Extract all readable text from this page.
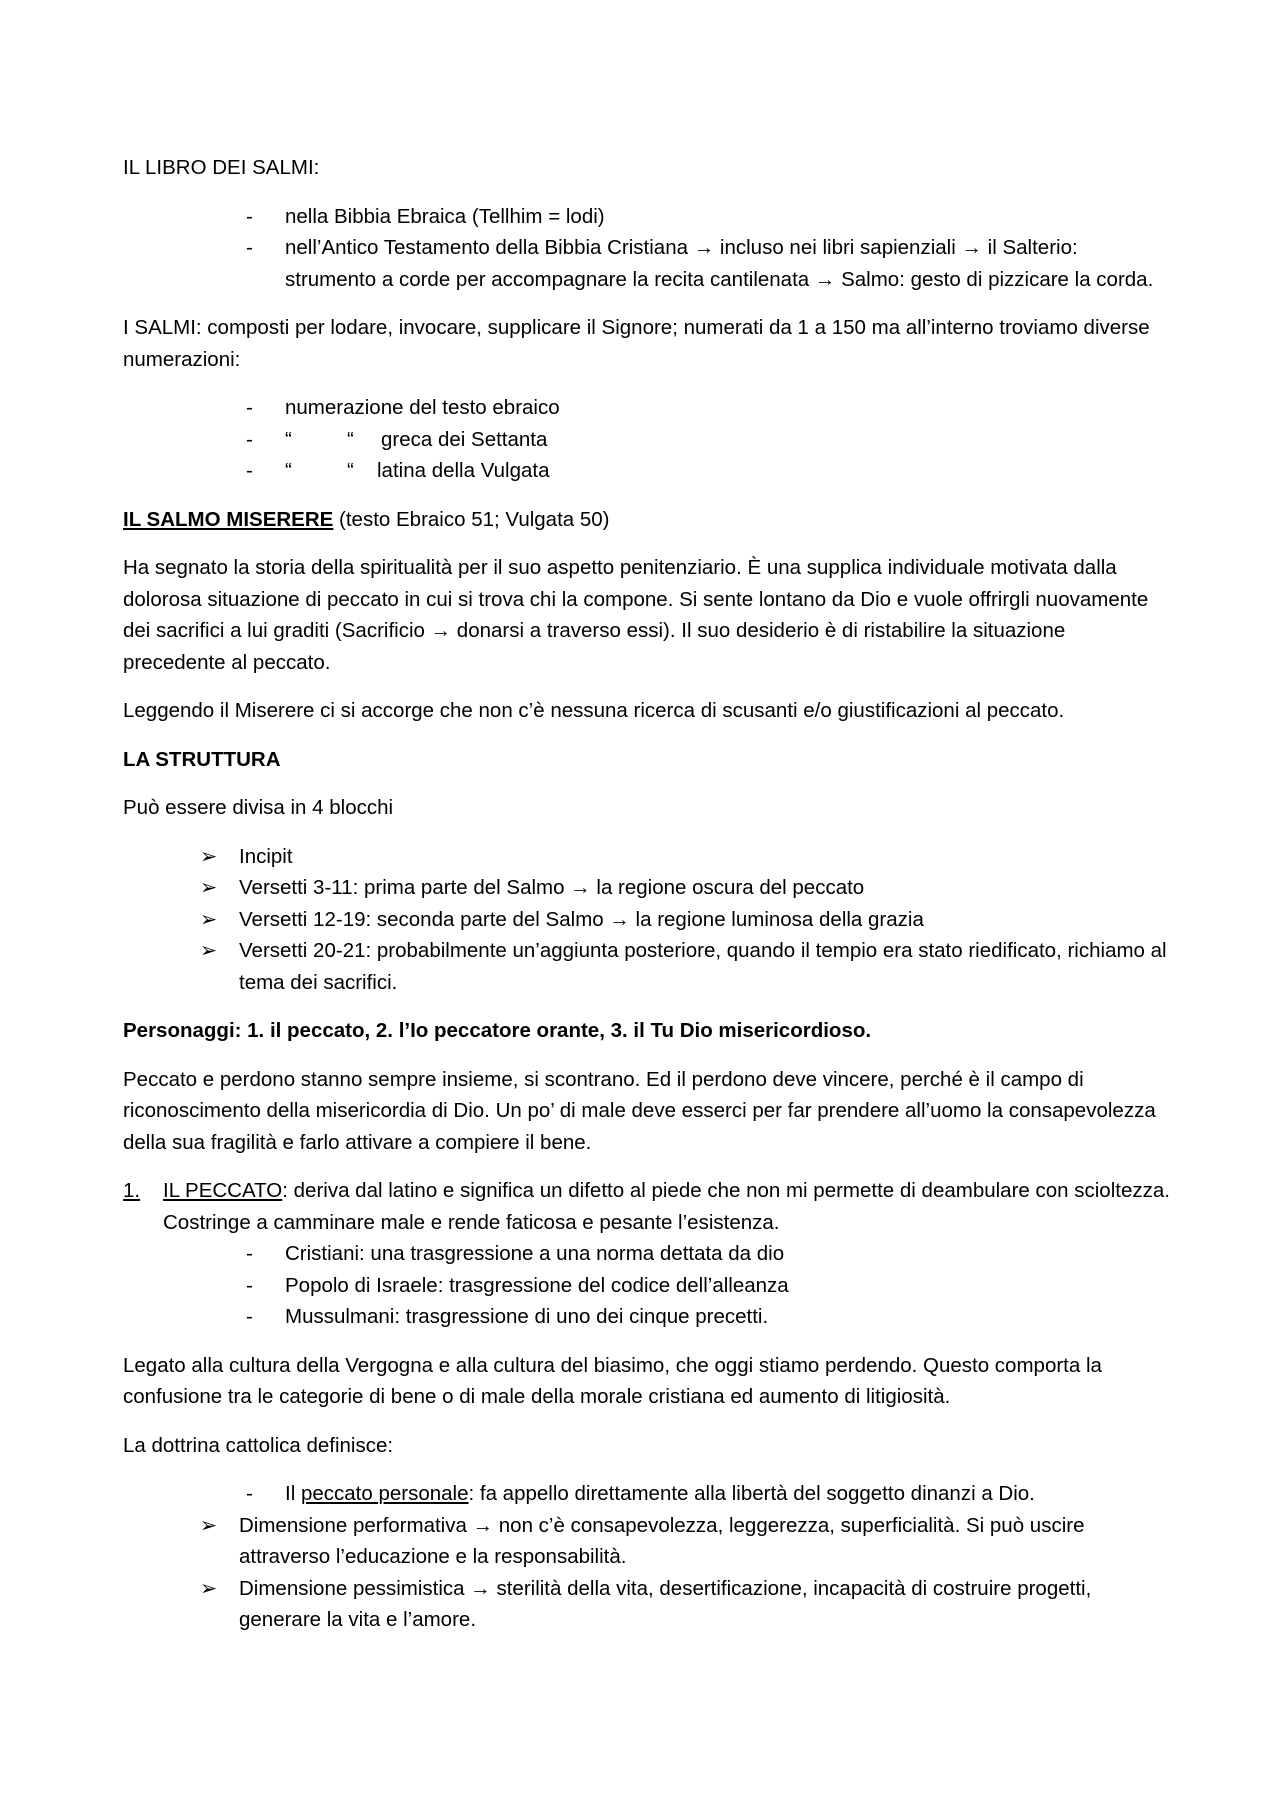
IL LIBRO DEI SALMI:

-	nella Bibbia Ebraica (Tellhim = lodi)
-	nell’Antico Testamento della Bibbia Cristiana → incluso nei libri sapienziali → il Salterio: strumento a corde per accompagnare la recita cantilenata → Salmo: gesto di pizzicare la corda.

I SALMI: composti per lodare, invocare, supplicare il Signore; numerati da 1 a 150 ma all’interno troviamo diverse numerazioni:

-	numerazione del testo ebraico
-	“	“ greca dei Settanta
-	“	“ latina della Vulgata

IL SALMO MISERERE (testo Ebraico 51; Vulgata 50)

Ha segnato la storia della spiritualità per il suo aspetto penitenziario. È una supplica individuale motivata dalla dolorosa situazione di peccato in cui si trova chi la compone. Si sente lontano da Dio e vuole offrirgli nuovamente dei sacrifici a lui graditi (Sacrificio → donarsi a traverso essi). Il suo desiderio è di ristabilire la situazione precedente al peccato.

Leggendo il Miserere ci si accorge che non c’è nessuna ricerca di scusanti e/o giustificazioni al peccato.

LA STRUTTURA

Può essere divisa in 4 blocchi

➢ Incipit
➢ Versetti 3-11: prima parte del Salmo → la regione oscura del peccato
➢ Versetti 12-19: seconda parte del Salmo → la regione luminosa della grazia
➢ Versetti 20-21: probabilmente un’aggiunta posteriore, quando il tempio era stato riedificato, richiamo al tema dei sacrifici.

Personaggi: 1. il peccato, 2. l’Io peccatore orante, 3. il Tu Dio misericordioso.

Peccato e perdono stanno sempre insieme, si scontrano. Ed il perdono deve vincere, perché è il campo di riconoscimento della misericordia di Dio. Un po’ di male deve esserci per far prendere all’uomo la consapevolezza della sua fragilità e farlo attivare a compiere il bene.

1. IL PECCATO: deriva dal latino e significa un difetto al piede che non mi permette di deambulare con scioltezza. Costringe a camminare male e rende faticosa e pesante l’esistenza.
-	Cristiani: una trasgressione a una norma dettata da dio
-	Popolo di Israele: trasgressione del codice dell’alleanza
-	Mussulmani: trasgressione di uno dei cinque precetti.

Legato alla cultura della Vergogna e alla cultura del biasimo, che oggi stiamo perdendo. Questo comporta la confusione tra le categorie di bene o di male della morale cristiana ed aumento di litigiosità.

La dottrina cattolica definisce:

-	Il peccato personale: fa appello direttamente alla libertà del soggetto dinanzi a Dio.
➢ Dimensione performativa → non c’è consapevolezza, leggerezza, superficialità. Si può uscire attraverso l’educazione e la responsabilità.
➢ Dimensione pessimistica → sterilità della vita, desertificazione, incapacità di costruire progetti, generare la vita e l’amore.
